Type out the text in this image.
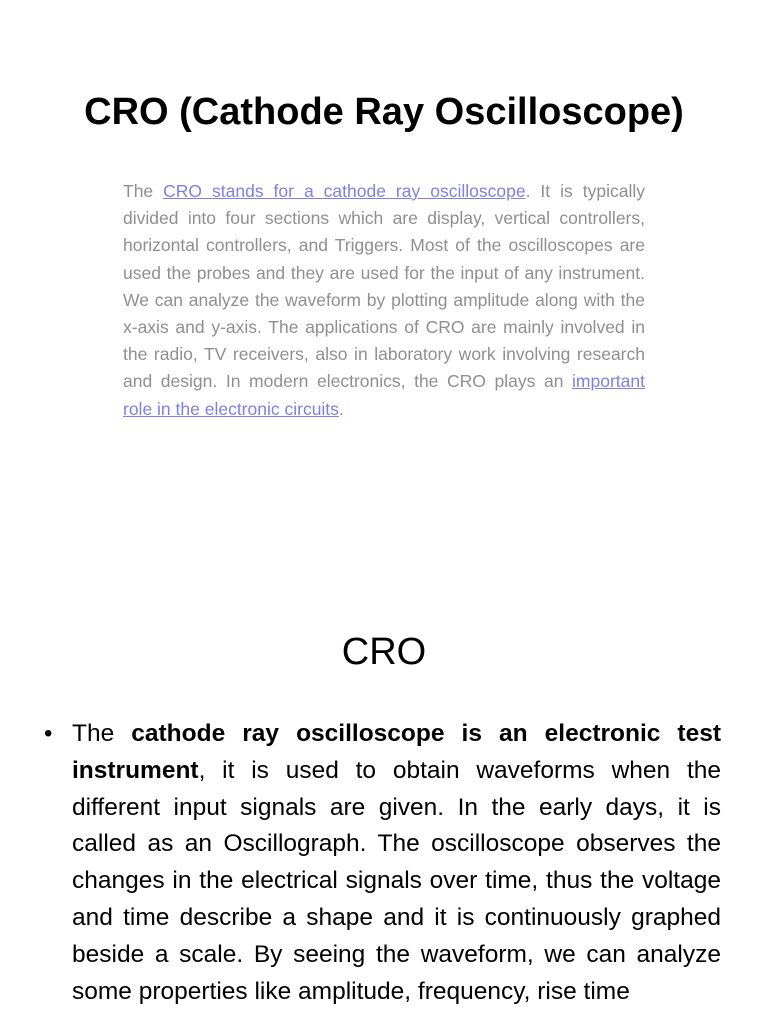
CRO (Cathode Ray Oscilloscope)

The CRO stands for a cathode ray oscilloscope. It is typically divided into four sections which are display, vertical controllers, horizontal controllers, and Triggers. Most of the oscilloscopes are used the probes and they are used for the input of any instrument. We can analyze the waveform by plotting amplitude along with the x-axis and y-axis. The applications of CRO are mainly involved in the radio, TV receivers, also in laboratory work involving research and design. In modern electronics, the CRO plays an important role in the electronic circuits.

CRO
• The cathode ray oscilloscope is an electronic test instrument, it is used to obtain waveforms when the different input signals are given. In the early days, it is called as an Oscillograph. The oscilloscope observes the changes in the electrical signals over time, thus the voltage and time describe a shape and it is continuously graphed beside a scale. By seeing the waveform, we can analyze some properties like amplitude, frequency, rise time
